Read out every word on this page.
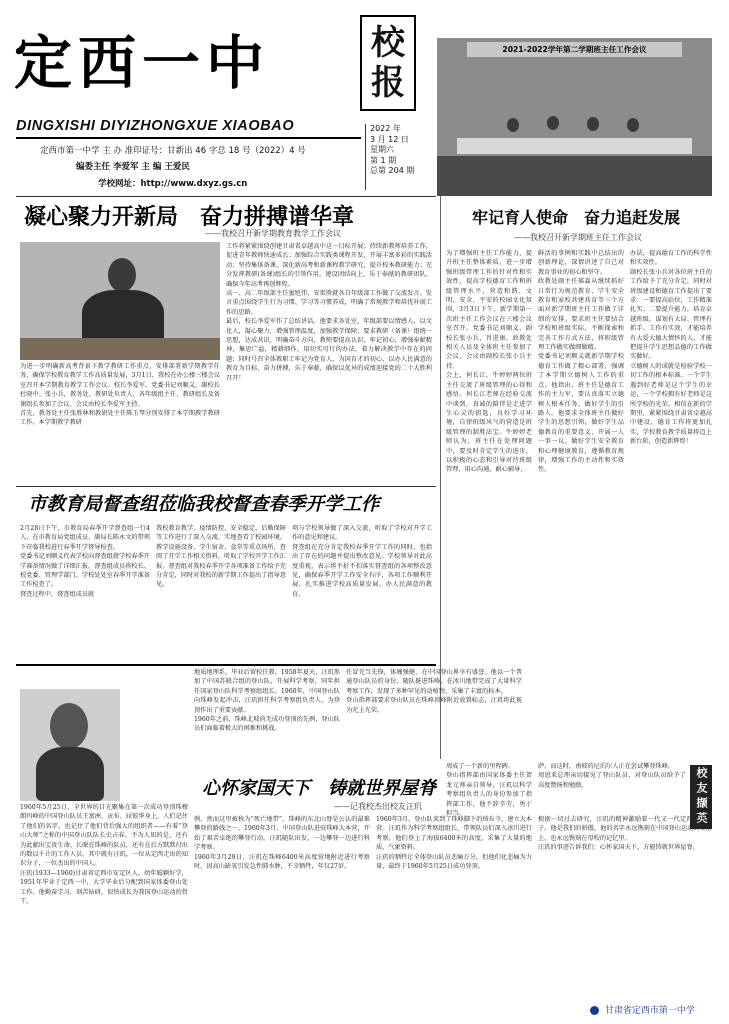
定西一中	校
报
DINGXISHI DIYIZHONGXUE XIAOBAO
定西市第一中学 主 办 准印证号：甘新出 46 字总 18 号（2022）4 号
编委主任 李爱军 主 编 王爱民
学校网址：http://www.dxyz.gs.cn
2022 年
3 月 12 日
星期六
第 1 期
总第 204 期
2021-2022学年第二学期班主任工作会议
凝心聚力开新局　奋力拼搏谱华章
——我校召开新学期教育教学工作会议
为进一步明确新高考背景下教学教研工作重点，安排部署新学期教学任务，确保学校教育教学工作高质量发展，3月1日，我校在办公楼三楼会议室召开本学期教育教学工作会议。校长李爱军、党委书记刘顺义，副校长杜晓中、张小兵，教务处、教研处负责人、各年级组主任、教研组长及备课组长参加了会议。会议由校长李爱军主持。
首先，教务处主任张胜林和教研处主任陈玉琴分别安排了本学期教学教研工作。本学期教学教研
工作将紧紧围绕创建甘肃省卓越高中这一目标开展；持续新教师培养工作，促进青年教师快速成长；加强综合实践类课程开发，开展丰富多彩的实践活动；坚持集体备课，深化新高考和新课程教学研究，提升校本教研能力；充分发挥教研(备课)组长的引领作用，建设团结向上、乐于奉献的教研团队，确保今年高考再创辉煌。
高一、高二年级部主任蜜旭伟、安雷胜就各自年级部工作做了交流发言。发言重点围绕学生行为习惯、学习等习惯养成，明确了常规教学和培优补弱工作的思路。
最后，校长李爱军作了总结讲话。他要求各处室、年级部要以情感人，以文化人，凝心聚力，增强管理温度，加强教学保障；要求教研（备课）组统一思想，达成共识，明确奋斗方向，教师要提高认识，牢记初心，增强奉献精神，集思广益，精耕细作，用切实可行的办法，着力解决教学中存在的问题；同时号召全体教职工牢记为党育人、为国育才的初心，以办人民满意的教育为目标，奋力拼搏，乐于奉献，确保以优异的成绩迎接党的二十大胜利召开！
牢记育人使命　奋力追赶发展
——我校召开新学期班主任工作会议
为了增强班主任工作能力，提升班主任整体素质，进一步增强班级管理工作的针对性和实效性，提高学校德育工作和班级管理水平，营造和谐、文明、安全、平安的校园文化氛围，3月3日下午，新学期第一次班主任工作会议在三楼会议室召开。党委书记刘顺义，副校长张小兵，肖进康，政教处相关人员及全体班主任参加了会议，会议由副校长张小兵主持。
会上，何长江、牛婷婷两位班主任交流了班级管理的心得和感悟。何长江老师在经验交流中谈到，真诚的陪伴是走进学生心灵的钥匙，良好学习环境，自律班级风气的营造是班级管理的制胜法宝。牛婷婷老师认为，班主任在处理问题中，要及时肯定学生的进步，以积极的心态和引导对待班级管理，用心沟通，耐心辅导，
鲜活的事例和实践中总结出的创新理论，深情讲述了自己对教育事业的初心和坚守。
政教处副主任郝淼从继续抓好日常行为规范教育、学生安全教育和家校共建共育等三个方面对新学期班主任工作做了详细的安排。要求班主任要结合学校和班级实际，不断探索和完善工作方式方法，将班级管理工作做实做细做精。
党委书记刘顺义就新学期学校德育工作做了精心部署，强调了本学期立德树人工作的重点。他指出，班主任是德育工作的主力军，要认真落实立德树人根本任务，做好学生的引路人。他要求全体班主任做好学生的思想引领，做好学生品德教育的重要意义，开展一人一事一议，做好学生安全教育和心理健康教育，遵循教育规律，增强工作的主动性和实效性。
办法，提高德育工作的科学性和实效性。
副校长张小兵对各位班主任的工作给予了充分肯定，同时对班级建设和德育工作提出了要求：一要提高站位，工作精准扎实；二要提升能力，培育卓越班级。谋划有大局、管理有抓手、工作有实效，才能培养有大爱大德大情怀的人，才能把提升学生思想品德的工作做实做好。
立德树人的成就是检验学校一切工作的根本标准。一个学生遇到好老师是这个学生的幸运，一个学校拥有好老师是这所学校的光荣。相信在新的学期里，紧紧围绕甘肃省卓越高中建设，德育工作将更加扎实，学校教育教学质量将迈上新台阶，创造新辉煌！
市教育局督查组莅临我校督查春季开学工作
2月28日下午，市教育局春季开学督查组一行4人，在市教育局党组成员、副局长陈永文的带领下莅临我校进行春季开学督导检查。
党委书记刘顺义代表学校向督查组就学校春季开学准备情况做了详细汇报，督查组成员将校长、校党委、管理学部门、学校处处室春季开学准备工作检查了。
督查过程中，督查组成员就
我校教育教学、疫情防控、安全稳定、后勤保障等工作进行了深入交流，实地查看了校园环境、教学设施设备、学生宿舍、食堂等重点场所，查阅了开学工作相关资料，听取了学校开学工作汇报。督查组对我校春季开学各项准备工作给予充分肯定，同时对我校的新学期工作提出了指导意见。
项与学校领导做了深入交流，听取了学校对开学工作的意见和建议。
督查组在充分肯定我校春季开学工作的同时，也指出了存在的问题并提出整改意见。学校领导对此高度重视，表示将不折不扣落实督查组的各项整改意见，确保春季开学工作安全有序，各项工作顺利开展，扎实推进学校高质量发展，办人民满意的教育。
校友撷英
1960年5月25日，全世界的目光聚集在第一次成功登顶珠穆朗玛峰的中国登山队员王富洲、贡布、屈银华身上，人们记住了他们的名字，也记住了他们背后强大的组织者——有着“登山大师”之称的中国登山队队长史占春。不为人知的是，还有为此献出宝贵生命、长眠在珠峰的队员，还有在后方默默付出的数以千计的工作人员，其中就有汪玑，一位从定西走出的知识分子，一位杰出的中国人。
汪玑(1933—1960)甘肃省定西市安定区人，幼年聪颖好学，1951年毕业于定西一中，大学毕业后分配到国家体委登山处工作。他勤奋学习，刻苦钻研，很快成长为我国登山运动的骨干。
地质地理系，毕业后留校任教。1958年夏天，汪玑参加了中国苏联合组的登山队，开展科学考察，同年担任国家登山队科学考察组组长。1960年，中国登山队向珠峰发起冲击，汪玑担任科学考察组负责人，为登顶作出了重要贡献。
1960年之前，珠峰北坡尚无成功登顶的先例，登山队员们面临着极大的困难和挑战。
任冒充当先锋，体魄强健，在中国登山界享有盛誉。他以一个普通登山队员的身份，随队挺进珠峰，在冰川地带完成了大量科学考察工作，发现了多种罕见的动植物，采集了丰富的标本。
登山指挥部要求登山队员在珠峰顶峰附近放置标志，汪玑将此视为无上光荣。
周成了一个新的里程碑。
登山指挥部由国家体委主任贺龙元帅亲自领导，汪玑以科学考察组负责人的身份参加了指挥部工作，他不辞辛劳，勇于担当。
萨，而这时，南坡的尼泊尔人正在尝试攀登珠峰。
周恩来总理亲切接见了登山队员，对登山队员给予了高度赞扬和勉励。
心怀家国天下　铸就世界屋脊
——记我校杰出校友汪玑
例。然而这里被称为“死亡地带”，珠峰的东北山脊是公认的最难攀登的路线之一。1960年3月，中国登山队进驻珠峰大本营，开始了艰苦卓绝的攀登行动。汪玑随队出发，一边攀登一边进行科学考察。
1960年3月29日，汪玑在珠峰6400米高度营地附近进行考察时，因高山缺氧引发急性肺水肿，不幸牺牲，年仅27岁。
1960年3月，登山队来到了珠峰脚下的绒布寺，建立大本营。汪玑作为科学考察组组长，带领队员们深入冰川进行考察，他们登上了海拔6400米的高度，采集了大量的地质、气象资料。
汪玑的牺牲让全体登山队员悲痛万分，但他们化悲痛为力量，最终于1960年5月25日成功登顶。
根据一切过去研究，汪玑的精神激励着一代又一代定西一中学子。他是我们的骄傲，他的名字永远镌刻在中国登山运动的史册上，也永远镌刻在母校的记忆里。
汪玑的事迹告诉我们：心怀家国天下，方能铸就世界屋脊。
甘肃省定西市第一中学
